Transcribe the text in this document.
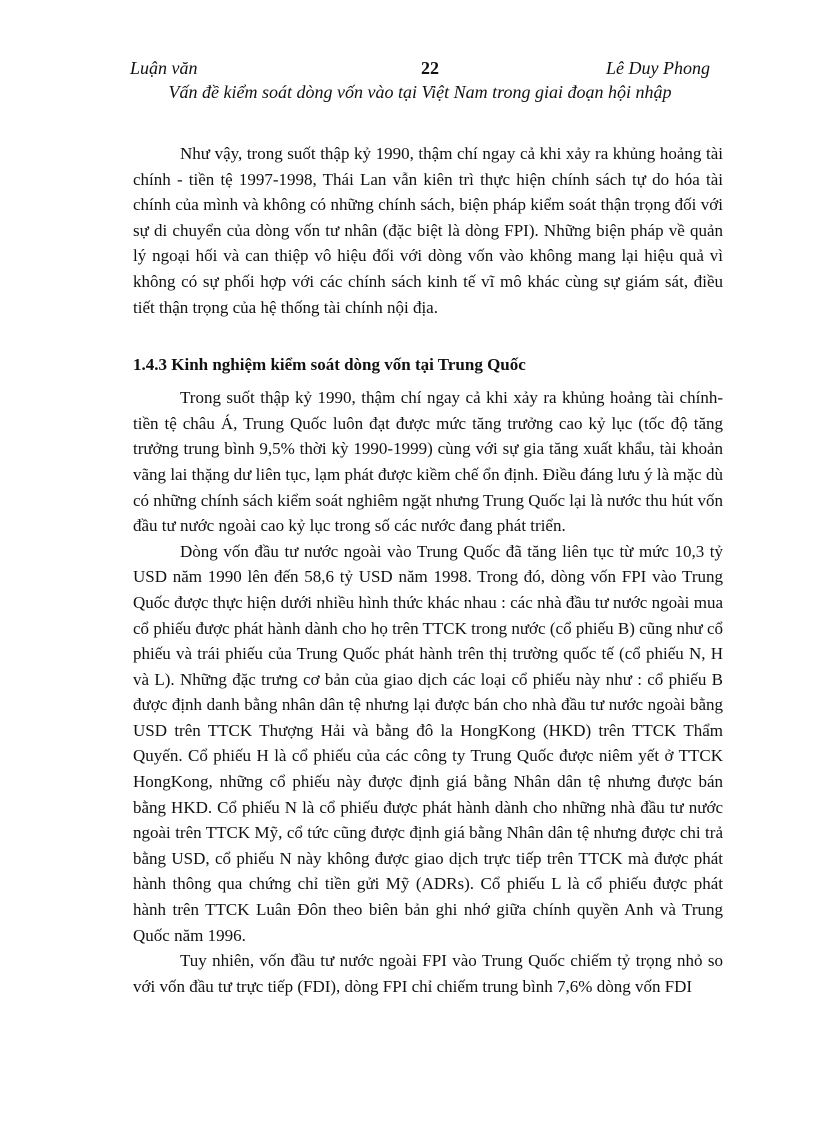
Luận văn	22	Lê Duy Phong
Vấn đề kiểm soát dòng vốn vào tại Việt Nam trong giai đoạn hội nhập

Như vậy, trong suốt thập kỷ 1990, thậm chí ngay cả khi xảy ra khủng hoảng tài chính - tiền tệ 1997-1998, Thái Lan vẫn kiên trì thực hiện chính sách tự do hóa tài chính của mình và không có những chính sách, biện pháp kiểm soát thận trọng đối với sự di chuyển của dòng vốn tư nhân (đặc biệt là dòng FPI). Những biện pháp về quản lý ngoại hối và can thiệp vô hiệu đối với dòng vốn vào không mang lại hiệu quả vì không có sự phối hợp với các chính sách kinh tế vĩ mô khác cùng sự giám sát, điều tiết thận trọng của hệ thống tài chính nội địa.

1.4.3 Kinh nghiệm kiểm soát dòng vốn tại Trung Quốc

Trong suốt thập kỷ 1990, thậm chí ngay cả khi xảy ra khủng hoảng tài chính-tiền tệ châu Á, Trung Quốc luôn đạt được mức tăng trưởng cao kỷ lục (tốc độ tăng trưởng trung bình 9,5% thời kỳ 1990-1999) cùng với sự gia tăng xuất khẩu, tài khoản vãng lai thặng dư liên tục, lạm phát được kiềm chế ổn định. Điều đáng lưu ý là mặc dù có những chính sách kiểm soát nghiêm ngặt nhưng Trung Quốc lại là nước thu hút vốn đầu tư nước ngoài cao kỷ lục trong số các nước đang phát triển.

Dòng vốn đầu tư nước ngoài vào Trung Quốc đã tăng liên tục từ mức 10,3 tỷ USD năm 1990 lên đến 58,6 tỷ USD năm 1998. Trong đó, dòng vốn FPI vào Trung Quốc được thực hiện dưới nhiều hình thức khác nhau : các nhà đầu tư nước ngoài mua cổ phiếu được phát hành dành cho họ trên TTCK trong nước (cổ phiếu B) cũng như cổ phiếu và trái phiếu của Trung Quốc phát hành trên thị trường quốc tế (cổ phiếu N, H và L). Những đặc trưng cơ bản của giao dịch các loại cổ phiếu này như : cổ phiếu B được định danh bằng nhân dân tệ nhưng lại được bán cho nhà đầu tư nước ngoài bằng USD trên TTCK Thượng Hải và bằng đô la HongKong (HKD) trên TTCK Thẩm Quyến. Cổ phiếu H là cổ phiếu của các công ty Trung Quốc được niêm yết ở TTCK HongKong, những cổ phiếu này được định giá bằng Nhân dân tệ nhưng được bán bằng HKD. Cổ phiếu N là cổ phiếu được phát hành dành cho những nhà đầu tư nước ngoài trên TTCK Mỹ, cổ tức cũng được định giá bằng Nhân dân tệ nhưng được chi trả bằng USD, cổ phiếu N này không được giao dịch trực tiếp trên TTCK mà được phát hành thông qua chứng chỉ tiền gửi Mỹ (ADRs). Cổ phiếu L là cổ phiếu được phát hành trên TTCK Luân Đôn theo biên bản ghi nhớ giữa chính quyền Anh và Trung Quốc năm 1996.

Tuy nhiên, vốn đầu tư nước ngoài FPI vào Trung Quốc chiếm tỷ trọng nhỏ so với vốn đầu tư trực tiếp (FDI), dòng FPI chỉ chiếm trung bình 7,6% dòng vốn FDI
